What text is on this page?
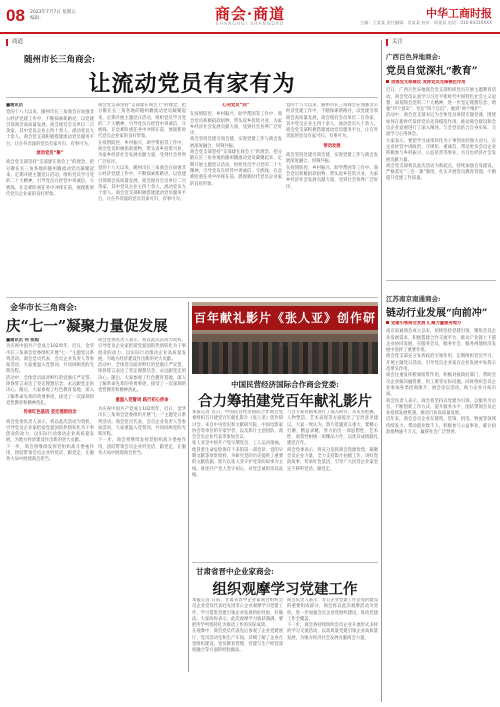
08 2023年7月7日 星期五
编辑：	商会·商道
SHANGHUI SHANGDAO
中华工商时报
主编：王某某 责任编辑：肖某某 校对：周某某 电话：010-8431XXXX
商道	关注
随州市长三角商会:
让流动党员有家有为
■通讯员
党的十八大以来，随州市长三角商会在加强非公经济党建工作中，不断探索新路径，以党建引领商会高质量发展。商会现有会员单位二百余家，其中党员企业主四十余人，流动党员九十余人。商会党支部积极搭建流动党员服务平台，让在外奔波的党员有家可归、有事可为。
流动党员“聚”
商会党支部坚持“支部建在商会上”的理念，把分散在长三角各地的随州籍流动党员凝聚起来，定期开展主题党日活动，组织党员学习党的二十大精神，引导党员在经营中讲诚信、守底线，在急难险重任务中冲锋在前，展现新时代党员企业家的良好形象。
商会党支部坚持“支部建在商会上”的理念，把分散在长三角各地的随州籍流动党员凝聚起来，定期开展主题党日活动，组织党员学习党的二十大精神，引导党员在经营中讲诚信、守底线，在急难险重任务中冲锋在前，展现新时代党员企业家的良好形象。
在疫情防控、乡村振兴、助学帮困等工作中，商会党员积极捐款捐物，带头返乡投资兴业，为家乡经济社会发展贡献力量，受到社会各界广泛好评。
党的十八大以来，随州市长三角商会在加强非公经济党建工作中，不断探索新路径，以党建引领商会高质量发展。商会现有会员单位二百余家，其中党员企业主四十余人，流动党员九十余人。商会党支部积极搭建流动党员服务平台，让在外奔波的党员有家可归、有事可为。
心向党员“回”
在疫情防控、乡村振兴、助学帮困等工作中，商会党员积极捐款捐物，带头返乡投资兴业，为家乡经济社会发展贡献力量，受到社会各界广泛好评。
商会坚持党建引领会建，实现党建工作与商会发展深度融合、同频共振。
商会党支部坚持“支部建在商会上”的理念，把分散在长三角各地的随州籍流动党员凝聚起来，定期开展主题党日活动，组织党员学习党的二十大精神，引导党员在经营中讲诚信、守底线，在急难险重任务中冲锋在前，展现新时代党员企业家的良好形象。
党的十八大以来，随州市长三角商会在加强非公经济党建工作中，不断探索新路径，以党建引领商会高质量发展。商会现有会员单位二百余家，其中党员企业主四十余人，流动党员九十余人。商会党支部积极搭建流动党员服务平台，让在外奔波的党员有家可归、有事可为。
带动发展
商会坚持党建引领会建，实现党建工作与商会发展深度融合、同频共振。
在疫情防控、乡村振兴、助学帮困等工作中，商会党员积极捐款捐物，带头返乡投资兴业，为家乡经济社会发展贡献力量，受到社会各界广泛好评。
金华市长三角商会:
庆“七一”凝聚力量促发展
■通讯员 何 张超
为庆祝中国共产党成立102周年，近日，金华市长三角商会党委组织开展“七一”主题党日系列活动。商会党员代表、会员企业负责人等参加活动，大家重温入党誓词，共同回顾党的光辉历程。
活动中，全体党员面对鲜红的党旗庄严宣誓，铮铮誓言表达了坚定理想信念、永远跟党走的决心。随后，大家参观了红色教育基地，深入了解革命先辈的英勇事迹，接受了一次深刻的党性教育和精神洗礼。
传承红色基因 坚定理想信念
商会党委负责人表示，将以此次活动为契机，引导党员企业家把爱党爱国的热情转化为干事创业的动力，以实际行动推动企业高质量发展，为地方经济建设作出新的更大贡献。
下一步，商会将继续发挥党组织战斗堡垒作用，团结带领会员企业听党话、跟党走，在服务大局中展现商会担当。
商会党委负责人表示，将以此次活动为契机，引导党员企业家把爱党爱国的热情转化为干事创业的动力，以实际行动推动企业高质量发展，为地方经济建设作出新的更大贡献。
活动中，全体党员面对鲜红的党旗庄严宣誓，铮铮誓言表达了坚定理想信念、永远跟党走的决心。随后，大家参观了红色教育基地，深入了解革命先辈的英勇事迹，接受了一次深刻的党性教育和精神洗礼。
重温入党誓词 践行初心使命
为庆祝中国共产党成立102周年，近日，金华市长三角商会党委组织开展“七一”主题党日系列活动。商会党员代表、会员企业负责人等参加活动，大家重温入党誓词，共同回顾党的光辉历程。
下一步，商会将继续发挥党组织战斗堡垒作用，团结带领会员企业听党话、跟党走，在服务大局中展现商会担当。
百年献礼影片《张人亚》创作研
中国民营经济国际合作商会党委:
合力筹拍建党百年献礼影片
本报记者 近日，中国民营经济国际合作商会党委组织召开建党百年献礼影片《张人亚》创作研讨会。来自中央党史和文献研究院、中国电影家协会等单位的专家学者，以及影片主创团队、商会会员企业代表等参加会议。
张人亚是中国共产党早期党员、工人运动领袖，他冒着生命危险保存下来的第一部党章、党的早期文献等珍贵资料，为研究党的历史提供了重要的文献依据。影片以张人亚守护党章的故事为主线，讲述共产党人坚守初心、对党忠诚的崇高品格。
与会专家对剧本进行了深入研讨，从史实把握、人物塑造、艺术表现等方面提出了宝贵意见建议。大家一致认为，影片选题意义重大，要精心打磨、精益求精，努力拍出一部思想性、艺术性、观赏性相统一的精品力作，以优异成绩献礼建党百年。
商会党委表示，将充分发挥商会资源优势，凝聚会员企业力量，全力支持影片拍摄工作，讲好党的故事，传承红色基因，引导广大民营企业家坚定不移听党话、跟党走。
甘肃省晋中企业家商会:
组织观摩学习党建工作
本报记者 日前，甘肃省晋中企业家商会组织会员企业党员代表赴先进非公企业观摩学习党建工作，学习借鉴党建引领企业发展的好经验、好做法。大家纷纷表示，此次观摩学习收获满满，要把所学所悟转化为推动工作的实际成效。
在观摩中，商会党员代表先后参观了企业党建展厅、党员活动室和生产车间，详细了解了企业在党组织建设、党员教育管理、党建与生产经营深度融合等方面的经验做法。
商会负责人表示，非公企业党建工作是党的建设的重要组成部分，商会将以此次观摩活动为契机，进一步加强会员企业党组织建设，推动党建工作全覆盖。
下一步，商会将持续组织会员企业开展形式多样的学习交流活动，以高质量党建引领企业高质量发展，为地方经济社会发展贡献商会力量。
广西百色异地商会:
党员自觉深扎“教育”
加强党支部建设 发挥党员先锋模范作用
近日，广西百色异地商会党支部组织党员开展主题教育活动。商会党员认真学习习近平新时代中国特色社会主义思想，深刻领会党的二十大精神，进一步坚定理想信念、增强“四个意识”、坚定“四个自信”、做到“两个维护”。
活动中，商会党支部书记为全体党员讲授专题党课，围绕如何在新时代发挥党员先锋模范作用，推动商会建设和会员企业发展进行了深入阐述。与会党员结合自身实际，交流学习心得体会。
大家表示，要把学习成果转化为干事创业的强大动力，在企业经营中讲政治、守规矩、重诚信，带动更多会员企业积极参与乡村振兴、公益慈善等事业，为百色经济社会发展贡献力量。
商会党支部将以此次活动为新起点，持续加强自身建设，严格落实“三会一课”制度，扎实开展党员教育管理，不断提升党建工作质量。
江苏南京南通商会:
链动行业发展“向前冲”
党建引领商会发展 汇聚力量服务地方
南京南通商会成立以来，始终坚持党建引领，聚焦会员企业发展需求，积极搭建合作交流平台，推动产业链上下游企业协同发展，在服务会员、服务社会、服务两地经济发展中发挥了重要作用。
商会党支部充分发挥政治引领作用，定期组织党员学习，开展主题党日活动，引导党员企业家在企业发展中发挥示范带头作用。
商会注重发挥桥梁纽带作用，积极对接政府部门，帮助会员企业解决融资难、用工难等实际问题。同时组织会员企业参加各类招商推介、展会论坛活动，助力企业开拓市场。
商会负责人表示，商会将坚持以党建为引领，以服务为宗旨，不断创新工作方式，提升服务水平，团结带领会员企业抢抓发展机遇，推动行业高质量发展。
近年来，商会会员企业在建筑、装饰、机电、物流等领域持续发力，带动就业数千人，积极参与公益事业，累计捐款捐物逾千万元，赢得社会广泛赞誉。
